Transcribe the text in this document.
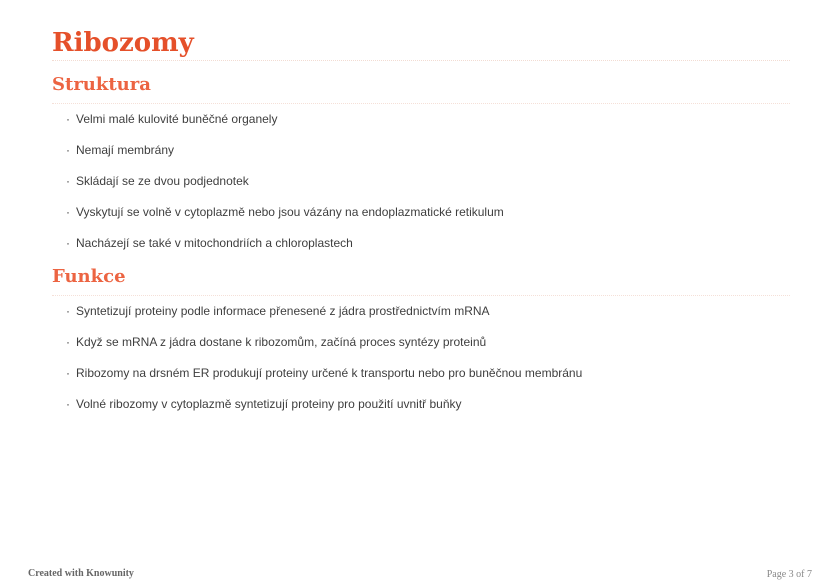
Ribozomy
Struktura
· Velmi malé kulovité buněčné organely
· Nemají membrány
· Skládají se ze dvou podjednotek
· Vyskytují se volně v cytoplazmě nebo jsou vázány na endoplazmatické retikulum
· Nacházejí se také v mitochondriích a chloroplastech
Funkce
· Syntetizují proteiny podle informace přenesené z jádra prostřednictvím mRNA
· Když se mRNA z jádra dostane k ribozomům, začíná proces syntézy proteinů
· Ribozomy na drsném ER produkují proteiny určené k transportu nebo pro buněčnou membránu
· Volné ribozomy v cytoplazmě syntetizují proteiny pro použití uvnitř buňky
Created with Knowunity	Page 3 of 7
